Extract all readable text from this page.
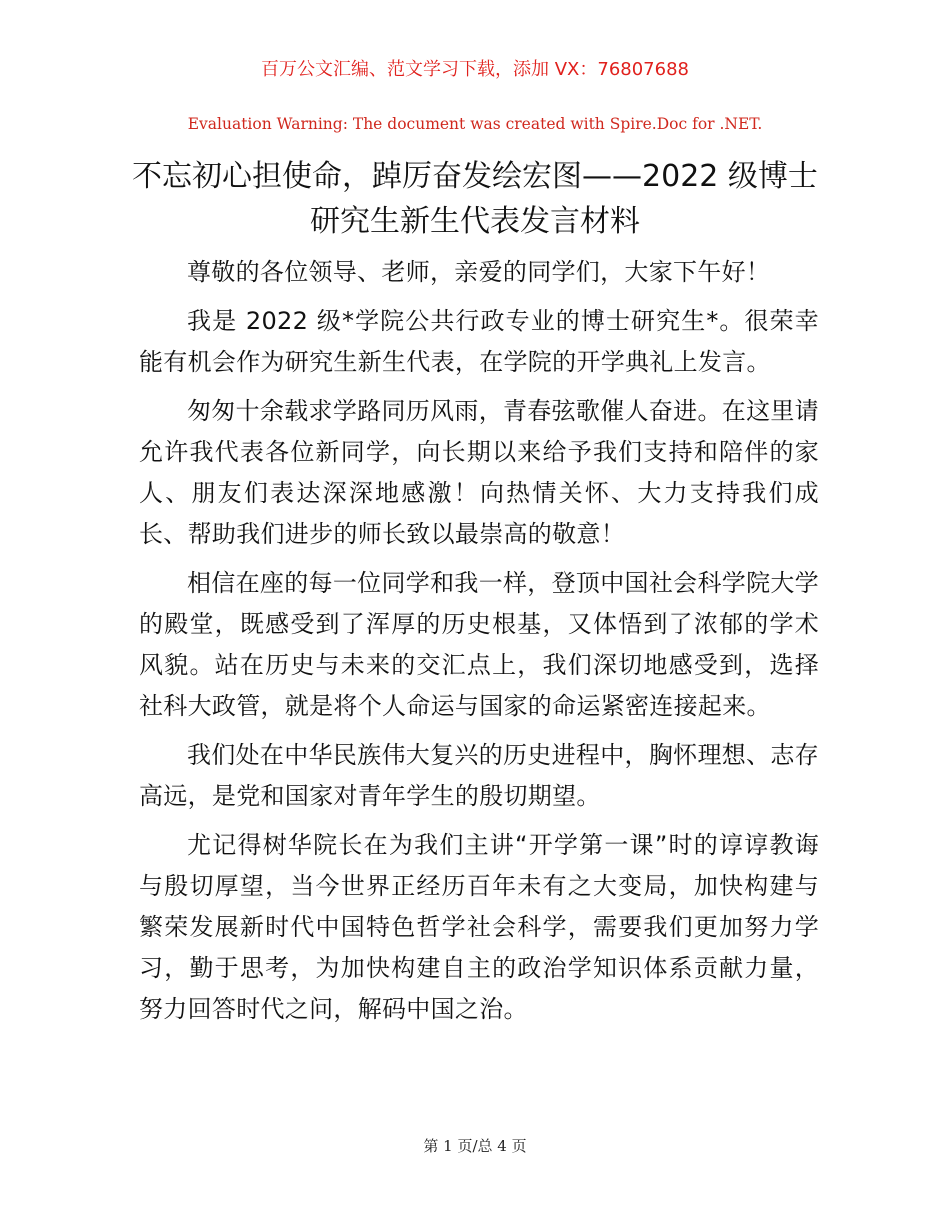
百万公文汇编、范文学习下载，添加 VX：76807688
Evaluation Warning: The document was created with Spire.Doc for .NET.
不忘初心担使命，踔厉奋发绘宏图——2022 级博士研究生新生代表发言材料

尊敬的各位领导、老师，亲爱的同学们，大家下午好！

我是 2022 级*学院公共行政专业的博士研究生*。很荣幸能有机会作为研究生新生代表，在学院的开学典礼上发言。

匆匆十余载求学路同历风雨，青春弦歌催人奋进。在这里请允许我代表各位新同学，向长期以来给予我们支持和陪伴的家人、朋友们表达深深地感激！向热情关怀、大力支持我们成长、帮助我们进步的师长致以最崇高的敬意！

相信在座的每一位同学和我一样，登顶中国社会科学院大学的殿堂，既感受到了浑厚的历史根基，又体悟到了浓郁的学术风貌。站在历史与未来的交汇点上，我们深切地感受到，选择社科大政管，就是将个人命运与国家的命运紧密连接起来。

我们处在中华民族伟大复兴的历史进程中，胸怀理想、志存高远，是党和国家对青年学生的殷切期望。

尤记得树华院长在为我们主讲“开学第一课”时的谆谆教诲与殷切厚望，当今世界正经历百年未有之大变局，加快构建与繁荣发展新时代中国特色哲学社会科学，需要我们更加努力学习，勤于思考，为加快构建自主的政治学知识体系贡献力量，努力回答时代之问，解码中国之治。

第 1 页/总 4 页
